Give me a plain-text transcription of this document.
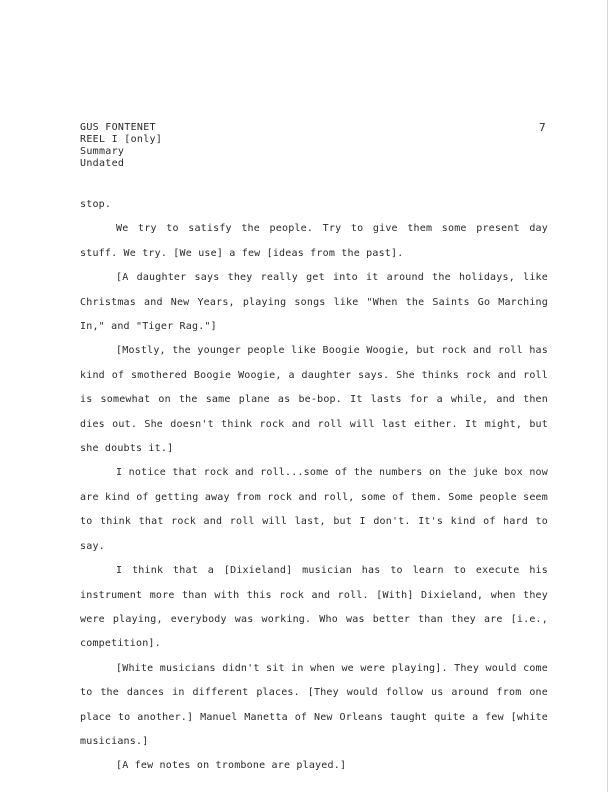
GUS FONTENET
REEL I [only]
Summary
Undated
7

stop.

We try to satisfy the people. Try to give them some present day stuff. We try. [We use] a few [ideas from the past].

[A daughter says they really get into it around the holidays, like Christmas and New Years, playing songs like "When the Saints Go Marching In," and "Tiger Rag."]

[Mostly, the younger people like Boogie Woogie, but rock and roll has kind of smothered Boogie Woogie, a daughter says. She thinks rock and roll is somewhat on the same plane as be-bop. It lasts for a while, and then dies out. She doesn't think rock and roll will last either. It might, but she doubts it.]

I notice that rock and roll...some of the numbers on the juke box now are kind of getting away from rock and roll, some of them. Some people seem to think that rock and roll will last, but I don't. It's kind of hard to say.

I think that a [Dixieland] musician has to learn to execute his instrument more than with this rock and roll. [With] Dixieland, when they were playing, everybody was working. Who was better than they are [i.e., competition].

[White musicians didn't sit in when we were playing]. They would come to the dances in different places. [They would follow us around from one place to another.] Manuel Manetta of New Orleans taught quite a few [white musicians.]

[A few notes on trombone are played.]
